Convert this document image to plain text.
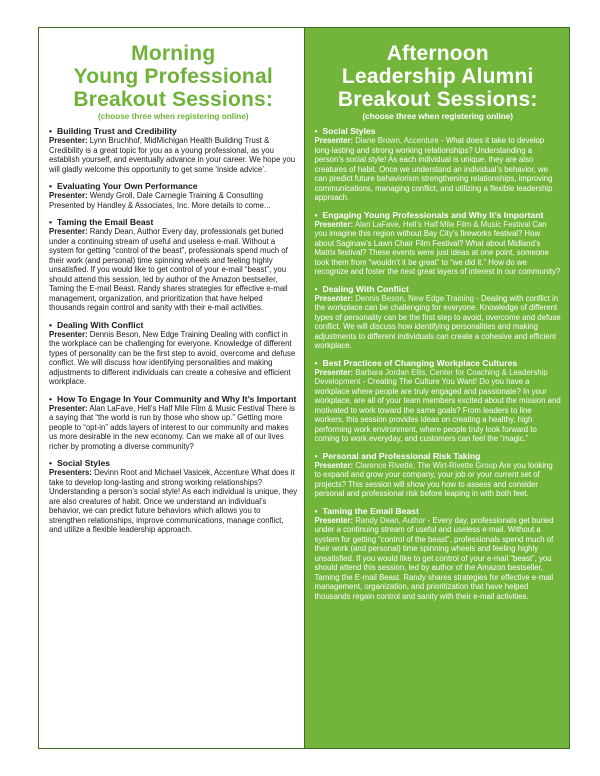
Morning
Young Professional
Breakout Sessions:
(choose three when registering online)
• Building Trust and Credibility
Presenter: Lynn Bruchhof, MidMichigan Health Building Trust & Credibility is a great topic for you as a young professional, as you establish yourself, and eventually advance in your career. We hope you will gladly welcome this opportunity to get some ‘inside advice’.
• Evaluating Your Own Performance
Presenter: Wendy Groll, Dale Carnegie Training & Consulting Presented by Handley & Associates, Inc. More details to come...
• Taming the Email Beast
Presenter: Randy Dean, Author Every day, professionals get buried under a continuing stream of useful and useless e-mail. Without a system for getting “control of the beast”, professionals spend much of their work (and personal) time spinning wheels and feeling highly unsatisfied. If you would like to get control of your e-mail “beast”, you should attend this session, led by author of the Amazon bestseller, Taming the E-mail Beast. Randy shares strategies for effective e-mail management, organization, and prioritization that have helped thousands regain control and sanity with their e-mail activities.
• Dealing With Conflict
Presenter: Dennis Beson, New Edge Training Dealing with conflict in the workplace can be challenging for everyone. Knowledge of different types of personality can be the first step to avoid, overcome and defuse conflict. We will discuss how identifying personalities and making adjustments to different individuals can create a cohesive and efficient workplace.
• How To Engage In Your Community and Why It’s Important
Presenter: Alan LaFave, Hell’s Half Mile Film & Music Festival There is a saying that “the world is run by those who show up.” Getting more people to “opt-in” adds layers of interest to our community and makes us more desirable in the new economy. Can we make all of our lives richer by promoting a diverse community?
• Social Styles
Presenters: Devinn Root and Michael Vasicek, Accenture What does it take to develop long-lasting and strong working relationships? Understanding a person’s social style! As each individual is unique, they are also creatures of habit. Once we understand an individual’s behavior, we can predict future behaviors which allows you to strengthen relationships, improve communications, manage conflict, and utilize a flexible leadership approach.
Afternoon
Leadership Alumni
Breakout Sessions:
(choose three when registering online)
• Social Styles
Presenter: Diane Brown, Accenture - What does it take to develop long-lasting and strong working relationships? Understanding a person’s social style! As each individual is unique, they are also creatures of habit. Once we understand an individual’s behavior, we can predict future behaviorism strengthening relationships, improving communications, managing conflict, and utilizing a flexible leadership approach.
• Engaging Young Professionals and Why It’s Important
Presenter: Alan LaFave, Hell’s Half Mile Film & Music Festival Can you imagine this region without Bay City’s fireworks festival? How about Saginaw’s Lawn Chair Film Festival? What about Midland’s Matrix festival? These events were just ideas at one point, someone took them from “wouldn’t it be great” to “we did it.” How do we recognize and foster the next great layers of interest in our community?
• Dealing With Conflict
Presenter: Dennis Beson, New Edge Training - Dealing with conflict in the workplace can be challenging for everyone. Knowledge of different types of personality can be the first step to avoid, overcome and defuse conflict. We will discuss how identifying personalities and making adjustments to different individuals can create a cohesive and efficient workplace.
• Best Practices of Changing Workplace Cultures
Presenter: Barbara Jordan Ellis, Center for Coaching & Leadership Development - Creating The Culture You Want! Do you have a workplace where people are truly engaged and passionate? In your workplace, are all of your team members excited about the mission and motivated to work toward the same goals? From leaders to line workers, this session provides ideas on creating a healthy, high performing work environment, where people truly look forward to coming to work everyday, and customers can feel the “magic.”
• Personal and Professional Risk Taking
Presenter: Clarence Rivette, The Wirt-Rivette Group Are you looking to expand and grow your company, your job or your current set of projects? This session will show you how to assess and consider personal and professional risk before leaping in with both feet.
• Taming the Email Beast
Presenter: Randy Dean, Author - Every day, professionals get buried under a continuing stream of useful and useless e-mail. Without a system for getting “control of the beast”, professionals spend much of their work (and personal) time spinning wheels and feeling highly unsatisfied. If you would like to get control of your e-mail “beast”, you should attend this session, led by author of the Amazon bestseller, Taming the E-mail Beast. Randy shares strategies for effective e-mail management, organization, and prioritization that have helped thousands regain control and sanity with their e-mail activities.
